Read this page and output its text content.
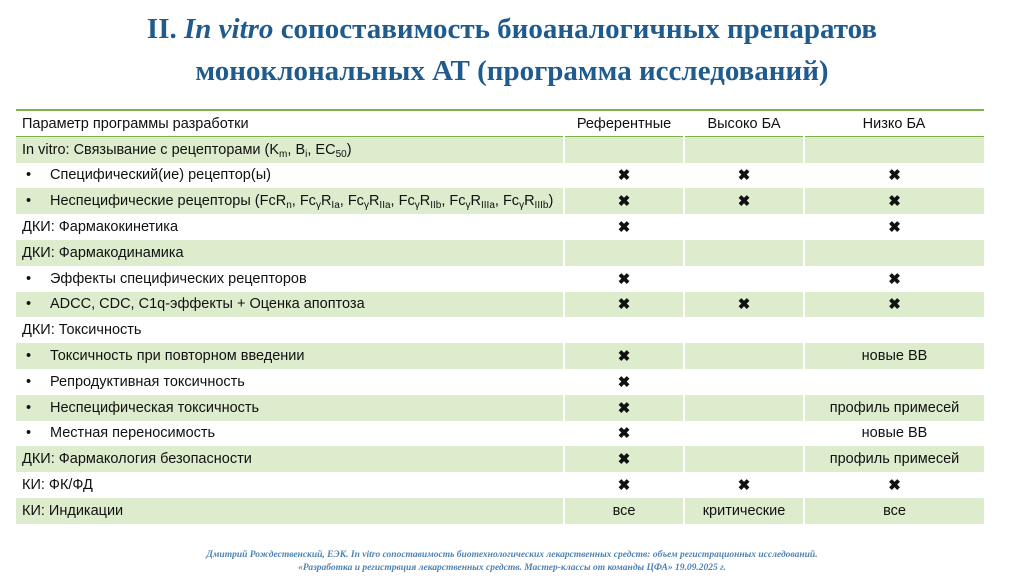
II. In vitro сопоставимость биоаналогичных препаратов
моноклональных АТ (программа исследований)
Параметр программы разработки	Референтные	Высоко БА	Низко БА
In vitro: Связывание с рецепторами ($K_m$, $B_i$, $EC_{50}$)			
• Специфический(ие) рецептор(ы)	✖	✖	✖
• Неспецифические рецепторы (FcR$_n$, $Fc_\gamma R_{Ia}$, $Fc_\gamma R_{IIa}$, $Fc_\gamma R_{IIb}$, $Fc_\gamma R_{IIIa}$, $Fc_\gamma R_{IIIb}$)	✖	✖	✖
ДКИ: Фармакокинетика	✖		✖
ДКИ: Фармакодинамика			
• Эффекты специфических рецепторов	✖		✖
• ADCC, CDC, C1q-эффекты + Оценка апоптоза	✖	✖	✖
ДКИ: Токсичность			
• Токсичность при повторном введении	✖		новые ВВ
• Репродуктивная токсичность	✖		
• Неспецифическая токсичность	✖		профиль примесей
• Местная переносимость	✖		новые ВВ
ДКИ: Фармакология безопасности	✖		профиль примесей
КИ: ФК/ФД	✖	✖	✖
КИ: Индикации	все	критические	все
Дмитрий Рождественский, ЕЭК. In vitro сопоставимость биотехнологических лекарственных средств: объем регистрационных исследований.
«Разработка и регистрвция лекарственных средств. Мастер-классы от команды ЦФА» 19.09.2025 г.
